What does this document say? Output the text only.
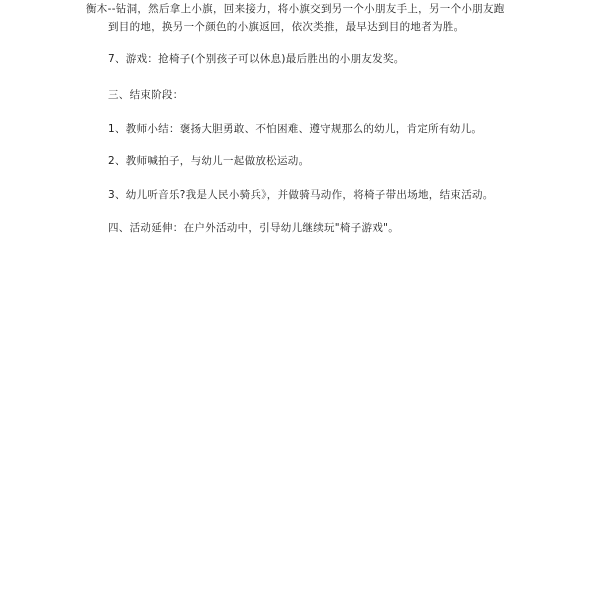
衡木--钻洞，然后拿上小旗，回来接力，将小旗交到另一个小朋友手上，另一个小朋友跑
到目的地，换另一个颜色的小旗返回，依次类推，最早达到目的地者为胜。

7、游戏：抢椅子(个别孩子可以休息)最后胜出的小朋友发奖。

三、结束阶段：

1、教师小结：褒扬大胆勇敢、不怕困难、遵守规那么的幼儿，肯定所有幼儿。

2、教师喊拍子，与幼儿一起做放松运动。

3、幼儿听音乐?我是人民小骑兵》，并做骑马动作，将椅子带出场地，结束活动。

四、活动延伸：在户外活动中，引导幼儿继续玩"椅子游戏"。
